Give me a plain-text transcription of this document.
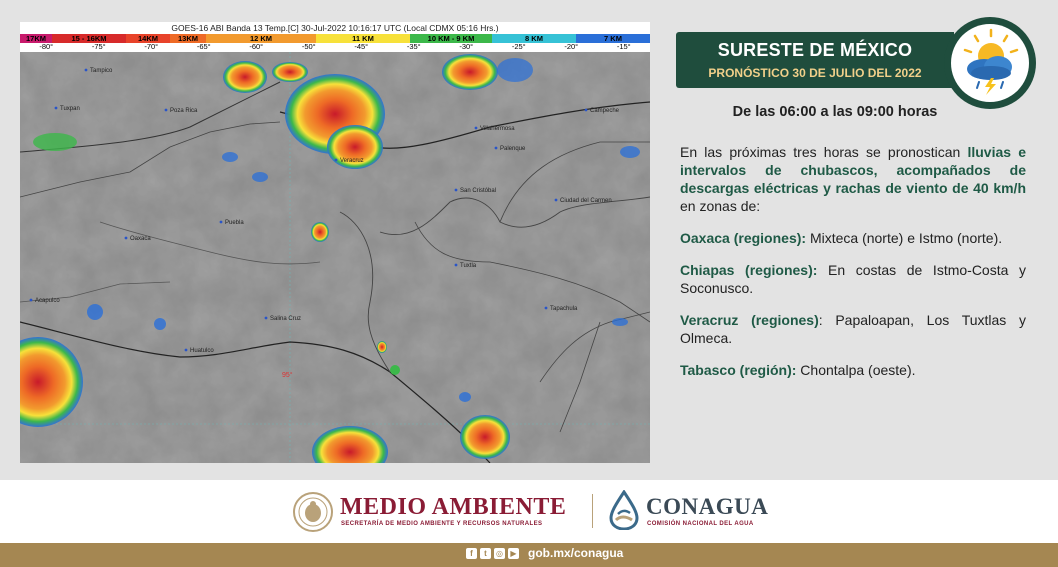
GOES-16 ABI Banda 13 Temp.[C] 30-Jul-2022 10:16:17 UTC (Local CDMX 05:16 Hrs.)
17KM	15 - 16KM	14KM	13KM	12 KM	11 KM	10 KM - 9 KM	8 KM	7 KM
-80°	-75°	-70°	-65°	-60°	-50°	-45°	-35°	-30°	-25°	-20°	-15°
Tampico
Tuxpan	Poza Rica
Veracruz
Puebla
Oaxaca
Villahermosa
Campeche
Tuxtla
Tapachula
Acapulco
Huatulco
Salina Cruz
Ciudad del Carmen
Palenque
San Cristóbal
95°
SURESTE DE MÉXICO
PRONÓSTICO 30 DE JULIO DEL 2022
De las 06:00 a las 09:00 horas

En las próximas tres horas se pronostican lluvias e intervalos de chubascos, acompañados de descargas eléctricas y rachas de viento de 40 km/h en zonas de:

Oaxaca (regiones): Mixteca (norte) e Istmo (norte).

Chiapas (regiones): En costas de Istmo-Costa y Soconusco.

Veracruz (regiones): Papaloapan, Los Tuxtlas y Olmeca.

Tabasco (región): Chontalpa (oeste).

MEDIO AMBIENTE
SECRETARÍA DE MEDIO AMBIENTE Y RECURSOS NATURALES
CONAGUA
COMISIÓN NACIONAL DEL AGUA
f	t	◎ ▶ gob.mx/conagua
